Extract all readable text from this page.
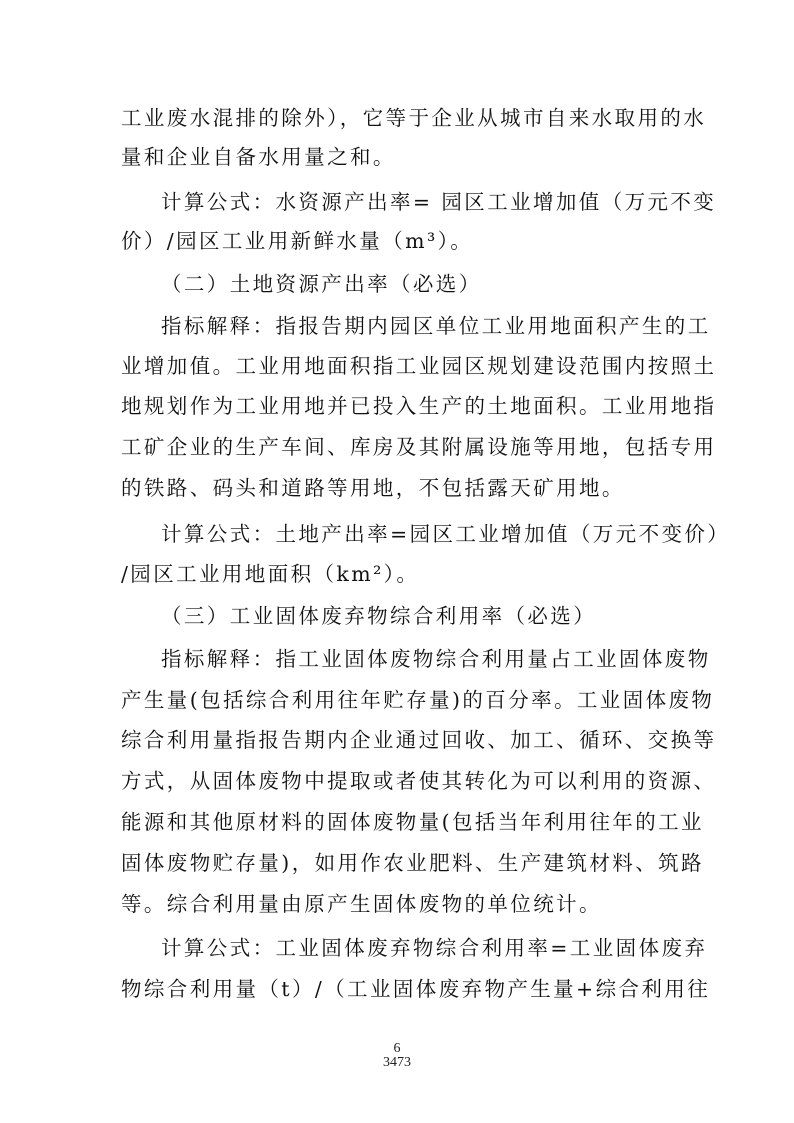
工业废水混排的除外），它等于企业从城市自来水取用的水
量和企业自备水用量之和。
计算公式：水资源产出率= 园区工业增加值（万元不变
价）/园区工业用新鲜水量（m³）。
（二）土地资源产出率（必选）
指标解释：指报告期内园区单位工业用地面积产生的工
业增加值。工业用地面积指工业园区规划建设范围内按照土
地规划作为工业用地并已投入生产的土地面积。工业用地指
工矿企业的生产车间、库房及其附属设施等用地，包括专用
的铁路、码头和道路等用地，不包括露天矿用地。
计算公式：土地产出率=园区工业增加值（万元不变价）
/园区工业用地面积（km²）。
（三）工业固体废弃物综合利用率（必选）
指标解释：指工业固体废物综合利用量占工业固体废物
产生量(包括综合利用往年贮存量)的百分率。工业固体废物
综合利用量指报告期内企业通过回收、加工、循环、交换等
方式，从固体废物中提取或者使其转化为可以利用的资源、
能源和其他原材料的固体废物量(包括当年利用往年的工业
固体废物贮存量)，如用作农业肥料、生产建筑材料、筑路
等。综合利用量由原产生固体废物的单位统计。
计算公式：工业固体废弃物综合利用率=工业固体废弃
物综合利用量（t）/（工业固体废弃物产生量+综合利用往
6
3473
